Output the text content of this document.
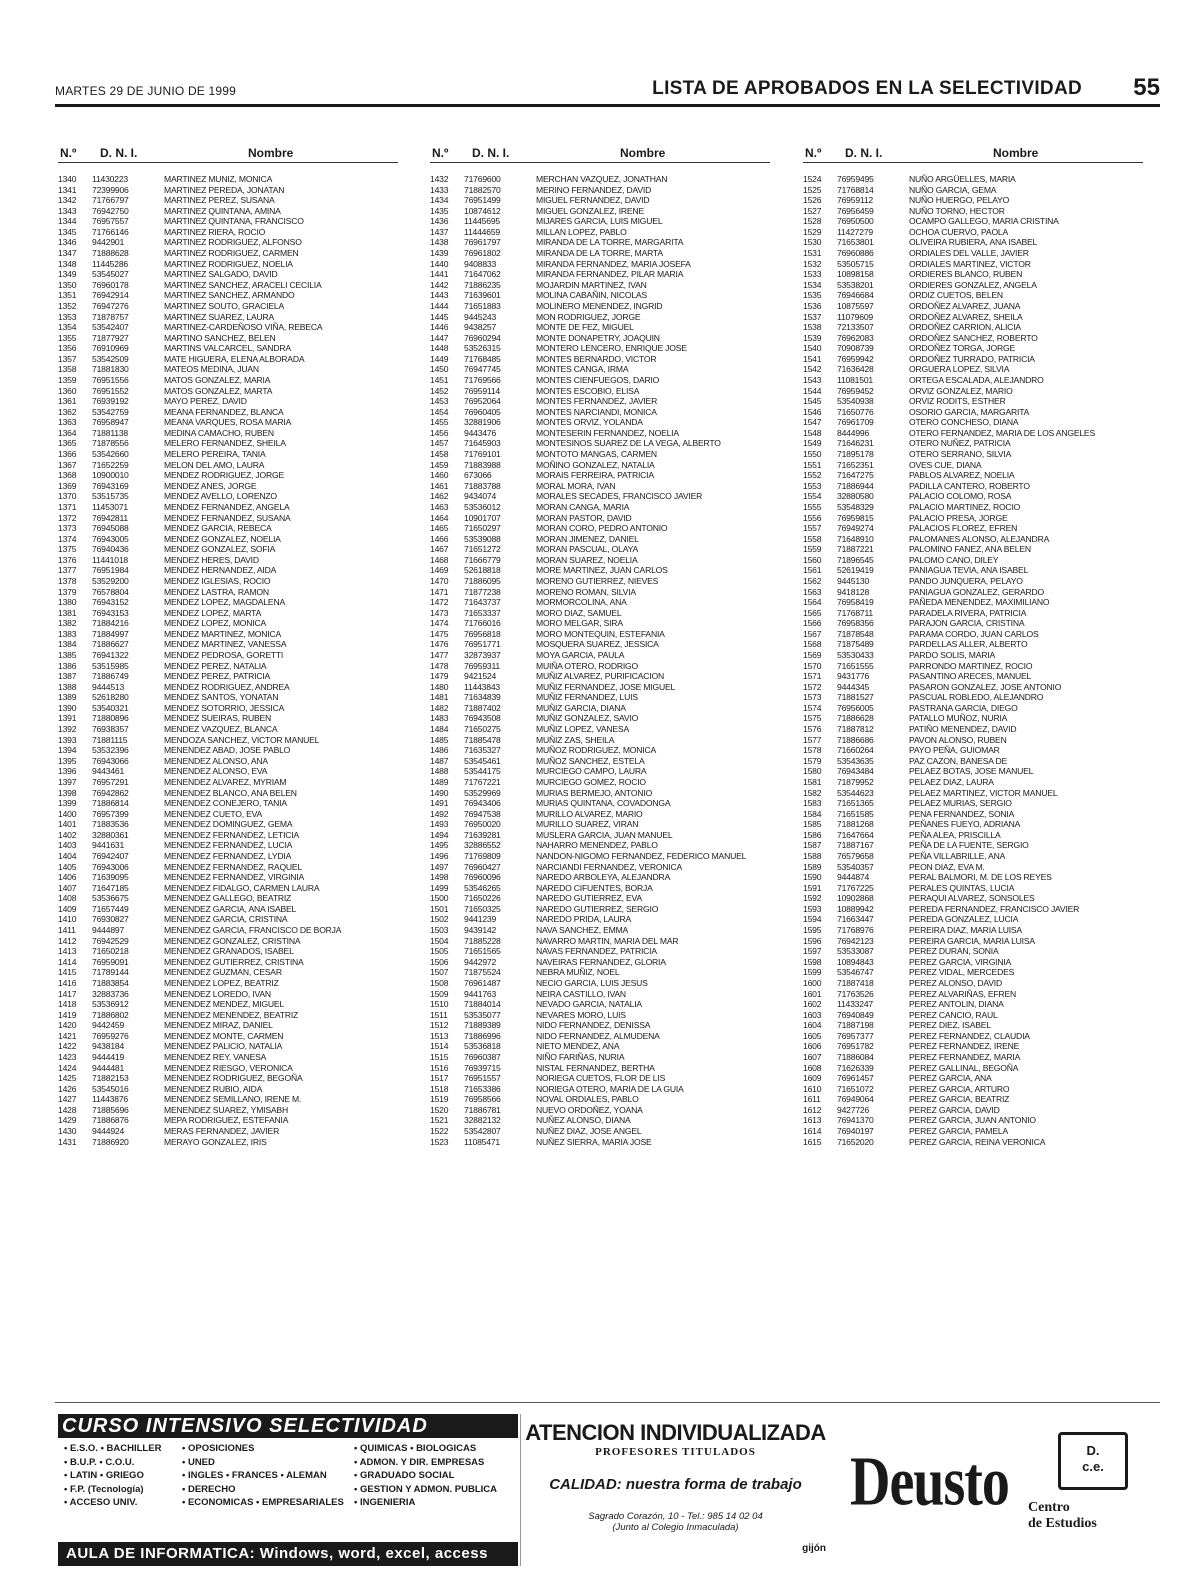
MARTES 29 DE JUNIO DE 1999	LISTA DE APROBADOS EN LA SELECTIVIDAD 55
N.º D. N. I.	Nombre
1340	11430223	MARTINEZ MUNIZ, MONICA
1341	72399906	MARTINEZ PEREDA, JONATAN
1342	71766797	MARTINEZ PEREZ, SUSANA
1343	76942750	MARTINEZ QUINTANA, AMINA
1344	76957557	MARTINEZ QUINTANA, FRANCISCO
1345	71766146	MARTINEZ RIERA, ROCIO
1346	9442901	MARTINEZ RODRIGUEZ, ALFONSO
1347	71888628	MARTINEZ RODRIGUEZ, CARMEN
1348	11445286	MARTINEZ RODRIGUEZ, NOELIA
1349	53545027	MARTINEZ SALGADO, DAVID
1350	76960178	MARTINEZ SANCHEZ, ARACELI CECILIA
1351	76942914	MARTINEZ SANCHEZ, ARMANDO
1352	76947276	MARTINEZ SOUTO, GRACIELA
1353	71878757	MARTINEZ SUAREZ, LAURA
1354	53542407	MARTINEZ-CARDEÑOSO VIÑA, REBECA
1355	71877927	MARTINO SANCHEZ, BELEN
1356	76910969	MARTINS VALCARCEL, SANDRA
1357	53542509	MATE HIGUERA, ELENA ALBORADA
1358	71881830	MATEOS MEDINA, JUAN
1359	76951556	MATOS GONZALEZ, MARIA
1360	76951552	MATOS GONZALEZ, MARTA
1361	76939192	MAYO PEREZ, DAVID
1362	53542759	MEANA FERNANDEZ, BLANCA
1363	76958947	MEANA VARQUES, ROSA MARIA
1364	71881138	MEDINA CAMACHO, RUBEN
1365	71878556	MELERO FERNANDEZ, SHEILA
1366	53542660	MELERO PEREIRA, TANIA
1367	71652259	MELON DEL AMO, LAURA
1368	10900010	MENDEZ RODRIGUEZ, JORGE
1369	76943169	MENDEZ ANES, JORGE
1370	53515735	MENDEZ AVELLO, LORENZO
1371	11453071	MENDEZ FERNANDEZ, ANGELA
1372	76942811	MENDEZ FERNANDEZ, SUSANA
1373	76945088	MENDEZ GARCIA, REBECA
1374	76943005	MENDEZ GONZALEZ, NOELIA
1375	76940436	MENDEZ GONZALEZ, SOFIA
1376	11441018	MENDEZ HERES, DAVID
1377	76951984	MENDEZ HERNANDEZ, AIDA
1378	53529200	MENDEZ IGLESIAS, ROCIO
1379	76578804	MENDEZ LASTRA, RAMON
1380	76943152	MENDEZ LOPEZ, MAGDALENA
1381	76943153	MENDEZ LOPEZ, MARTA
1382	71884216	MENDEZ LOPEZ, MONICA
1383	71884997	MENDEZ MARTINEZ, MONICA
1384	71886627	MENDEZ MARTINEZ, VANESSA
1385	76941322	MENDEZ PEDROSA, GORETTI
1386	53515985	MENDEZ PEREZ, NATALIA
1387	71886749	MENDEZ PEREZ, PATRICIA
1388	9444513	MENDEZ RODRIGUEZ, ANDREA
1389	52618280	MENDEZ SANTOS, YONATAN
1390	53540321	MENDEZ SOTORRIO, JESSICA
1391	71880896	MENDEZ SUEIRAS, RUBEN
1392	76938357	MENDEZ VAZQUEZ, BLANCA
1393	71881115	MENDOZA SANCHEZ, VICTOR MANUEL
1394	53532396	MENENDEZ ABAD, JOSE PABLO
1395	76943066	MENENDEZ ALONSO, ANA
1396	9443461	MENENDEZ ALONSO, EVA
1397	76957291	MENENDEZ ALVAREZ, MYRIAM
1398	76942862	MENENDEZ BLANCO, ANA BELEN
1399	71886814	MENENDEZ CONEJERO, TANIA
1400	76957399	MENENDEZ CUETO, EVA
1401	71883536	MENENDEZ DOMINGUEZ, GEMA
1402	32880361	MENENDEZ FERNANDEZ, LETICIA
1403	9441631	MENENDEZ FERNANDEZ, LUCIA
1404	76942407	MENENDEZ FERNANDEZ, LYDIA
1405	76943006	MENENDEZ FERNANDEZ, RAQUEL
1406	71639095	MENENDEZ FERNANDEZ, VIRGINIA
1407	71647185	MENENDEZ FIDALGO, CARMEN LAURA
1408	53536675	MENENDEZ GALLEGO, BEATRIZ
1409	71657449	MENENDEZ GARCIA, ANA ISABEL
1410	76930827	MENENDEZ GARCIA, CRISTINA
1411	9444897	MENENDEZ GARCIA, FRANCISCO DE BORJA
1412	76942529	MENENDEZ GONZALEZ, CRISTINA
1413	71650218	MENENDEZ GRANADOS, ISABEL
1414	76959091	MENENDEZ GUTIERREZ, CRISTINA
1415	71789144	MENENDEZ GUZMAN, CESAR
1416	71883854	MENENDEZ LOPEZ, BEATRIZ
1417	32883736	MENENDEZ LOREDO, IVAN
1418	53536912	MENENDEZ MENDEZ, MIGUEL
1419	71886802	MENENDEZ MENENDEZ, BEATRIZ
1420	9442459	MENENDEZ MIRAZ, DANIEL
1421	76959276	MENENDEZ MONTE, CARMEN
1422	9438184	MENENDEZ PALICIO, NATALIA
1423	9444419	MENENDEZ REY, VANESA
1424	9444481	MENENDEZ RIESGO, VERONICA
1425	71882153	MENENDEZ RODRIGUEZ, BEGOÑA
1426	53545016	MENENDEZ RUBIO, AIDA
1427	11443876	MENENDEZ SEMILLANO, IRENE M.
1428	71885696	MENENDEZ SUAREZ, YMISABH
1429	71886876	MEPA RODRIGUEZ, ESTEFANIA
1430	9444924	MERAS FERNANDEZ, JAVIER
1431	71886920	MERAYO GONZALEZ, IRIS
N.º D. N. I.	Nombre
1432	71769600	MERCHAN VAZQUEZ, JONATHAN
1433	71882570	MERINO FERNANDEZ, DAVID
1434	76951499	MIGUEL FERNANDEZ, DAVID
1435	10874612	MIGUEL GONZALEZ, IRENE
1436	11445695	MIJARES GARCIA, LUIS MIGUEL
1437	11444659	MILLAN LOPEZ, PABLO
1438	76961797	MIRANDA DE LA TORRE, MARGARITA
1439	76961802	MIRANDA DE LA TORRE, MARTA
1440	9408833	MIRANDA FERNANDEZ, MARIA JOSEFA
1441	71647062	MIRANDA FERNANDEZ, PILAR MARIA
1442	71886235	MOJARDIN MARTINEZ, IVAN
1443	71639601	MOLINA CABAÑIN, NICOLAS
1444	71651883	MOLINERO MENENDEZ, INGRID
1445	9445243	MON RODRIGUEZ, JORGE
1446	9438257	MONTE DE FEZ, MIGUEL
1447	76960294	MONTE DONAPETRY, JOAQUIN
1448	53526315	MONTERO LENCERO, ENRIQUE JOSE
1449	71768485	MONTES BERNARDO, VICTOR
1450	76947745	MONTES CANGA, IRMA
1451	71769566	MONTES CIENFUEGOS, DARIO
1452	76959114	MONTES ESCOBIO, ELISA
1453	76952064	MONTES FERNANDEZ, JAVIER
1454	76960405	MONTES NARCIANDI, MONICA
1455	32881906	MONTES ORVIZ, YOLANDA
1456	9443476	MONTESERIN FERNANDEZ, NOELIA
1457	71645903	MONTESINOS SUAREZ DE LA VEGA, ALBERTO
1458	71769101	MONTOTO MANGAS, CARMEN
1459	71883988	MOÑINO GONZALEZ, NATALIA
1460	673066	MORAIS FERREIRA, PATRICIA
1461	71883788	MORAL MORA, IVAN
1462	9434074	MORALES SECADES, FRANCISCO JAVIER
1463	53536012	MORAN CANGA, MARIA
1464	10901707	MORAN PASTOR, DAVID
1465	71650297	MORAN CORO, PEDRO ANTONIO
1466	53539088	MORAN JIMENEZ, DANIEL
1467	71651272	MORAN PASCUAL, OLAYA
1468	71666779	MORAN SUAREZ, NOELIA
1469	52618818	MORE MARTINEZ, JUAN CARLOS
1470	71886095	MORENO GUTIERREZ, NIEVES
1471	71877238	MORENO ROMAN, SILVIA
1472	71643737	MORMORCOLINA, ANA
1473	71653337	MORO DIAZ, SAMUEL
1474	71766016	MORO MELGAR, SIRA
1475	76956818	MORO MONTEQUIN, ESTEFANIA
1476	76951771	MOSQUERA SUAREZ, JESSICA
1477	32873937	MOYA GARCIA, PAULA
1478	76959311	MUIÑA OTERO, RODRIGO
1479	9421524	MUÑIZ ALVAREZ, PURIFICACION
1480	11443843	MUÑIZ FERNANDEZ, JOSE MIGUEL
1481	71634839	MUÑIZ FERNANDEZ, LUIS
1482	71887402	MUÑIZ GARCIA, DIANA
1483	76943508	MUÑIZ GONZALEZ, SAVIO
1484	71650275	MUÑIZ LOPEZ, VANESA
1485	71885478	MUÑIZ ZAS, SHEILA
1486	71635327	MUÑOZ RODRIGUEZ, MONICA
1487	53545461	MUÑOZ SANCHEZ, ESTELA
1488	53544175	MURCIEGO CAMPO, LAURA
1489	71767221	MURCIEGO GOMEZ, ROCIO
1490	53529969	MURIAS BERMEJO, ANTONIO
1491	76943406	MURIAS QUINTANA, COVADONGA
1492	76947538	MURILLO ALVAREZ, MARIO
1493	76950020	MURILLO SUAREZ, VIRAN
1494	71639281	MUSLERA GARCIA, JUAN MANUEL
1495	32886552	NAHARRO MENENDEZ, PABLO
1496	71769809	NANDON-NIGOMO FERNANDEZ, FEDERICO MANUEL
1497	76960427	NARCIANDI FERNANDEZ, VERONICA
1498	76960096	NAREDO ARBOLEYA, ALEJANDRA
1499	53546265	NAREDO CIFUENTES, BORJA
1500	71650226	NAREDO GUTIERREZ, EVA
1501	71650325	NAREDO GUTIERREZ, SERGIO
1502	9441239	NAREDO PRIDA, LAURA
1503	9439142	NAVA SANCHEZ, EMMA
1504	71885228	NAVARRO MARTIN, MARIA DEL MAR
1505	71651565	NAVAS FERNANDEZ, PATRICIA
1506	9442972	NAVEIRAS FERNANDEZ, GLORIA
1507	71875524	NEBRA MUÑIZ, NOEL
1508	76961487	NECIO GARCIA, LUIS JESUS
1509	9441763	NEIRA CASTILLO, IVAN
1510	71884014	NEVADO GARCIA, NATALIA
1511	53535077	NEVARES MORO, LUIS
1512	71889389	NIDO FERNANDEZ, DENISSA
1513	71886996	NIDO FERNANDEZ, ALMUDENA
1514	53536818	NIETO MENDEZ, ANA
1515	76960387	NIÑO FARIÑAS, NURIA
1516	76939715	NISTAL FERNANDEZ, BERTHA
1517	76951557	NORIEGA CUETOS, FLOR DE LIS
1518	71653386	NORIEGA OTERO, MARIA DE LA GUIA
1519	76958566	NOVAL ORDIALES, PABLO
1520	71886781	NUEVO ORDOÑEZ, YOANA
1521	32882132	NUÑEZ ALONSO, DIANA
1522	53542807	NUÑEZ DIAZ, JOSE ANGEL
1523	11085471	NUÑEZ SIERRA, MARIA JOSE
N.º D. N. I.	Nombre
1524	76959495	NUÑO ARGÜELLES, MARIA
1525	71768814	NUÑO GARCIA, GEMA
1526	76959112	NUÑO HUERGO, PELAYO
1527	76956459	NUÑO TORNO, HECTOR
1528	76950500	OCAMPO GALLEGO, MARIA CRISTINA
1529	11427279	OCHOA CUERVO, PAOLA
1530	71653801	OLIVEIRA RUBIERA, ANA ISABEL
1531	76960886	ORDIALES DEL VALLE, JAVIER
1532	53505715	ORDIALES MARTINEZ, VICTOR
1533	10898158	ORDIERES BLANCO, RUBEN
1534	53538201	ORDIERES GONZALEZ, ANGELA
1535	76946684	ORDIZ CUETOS, BELEN
1536	10875597	ORDOÑEZ ALVAREZ, JUANA
1537	11079609	ORDOÑEZ ALVAREZ, SHEILA
1538	72133507	ORDOÑEZ CARRION, ALICIA
1539	76962083	ORDOÑEZ SANCHEZ, ROBERTO
1540	70908739	ORDOÑEZ TORGA, JORGE
1541	76959942	ORDOÑEZ TURRADO, PATRICIA
1542	71636428	ORGUERA LOPEZ, SILVIA
1543	11081501	ORTEGA ESCALADA, ALEJANDRO
1544	76959452	ORVIZ GONZALEZ, MARIO
1545	53540938	ORVIZ RODITS, ESTHER
1546	71650776	OSORIO GARCIA, MARGARITA
1547	76961709	OTERO CONCHESO, DIANA
1548	8444996	OTERO FERNANDEZ, MARIA DE LOS ANGELES
1549	71646231	OTERO NUÑEZ, PATRICIA
1550	71895178	OTERO SERRANO, SILVIA
1551	71652351	OVES CUE, DIANA
1552	71647275	PABLOS ALVAREZ, NOELIA
1553	71886944	PADILLA CANTERO, ROBERTO
1554	32880580	PALACIO COLOMO, ROSA
1555	53548329	PALACIO MARTINEZ, ROCIO
1556	76959815	PALACIO PRESA, JORGE
1557	76949274	PALACIOS FLOREZ, EFREN
1558	71648910	PALOMANES ALONSO, ALEJANDRA
1559	71887221	PALOMINO FANEZ, ANA BELEN
1560	71896545	PALOMO CANO, DILEY
1561	52619419	PANIAGUA TEVIA, ANA ISABEL
1562	9445130	PANDO JUNQUERA, PELAYO
1563	9418128	PANIAGUA GONZALEZ, GERARDO
1564	76958419	PAÑEDA MENENDEZ, MAXIMILIANO
1565	71768711	PARADELA RIVERA, PATRICIA
1566	76958356	PARAJON GARCIA, CRISTINA
1567	71878548	PARAMA CORDO, JUAN CARLOS
1568	71875489	PARDELLAS ALLER, ALBERTO
1569	53530433	PARDO SOLIS, MARIA
1570	71651555	PARRONDO MARTINEZ, ROCIO
1571	9431776	PASANTINO ARECES, MANUEL
1572	9444345	PASARON GONZALEZ, JOSE ANTONIO
1573	71881527	PASCUAL ROBLEDO, ALEJANDRO
1574	76956005	PASTRANA GARCIA, DIEGO
1575	71886628	PATALLO MUÑOZ, NURIA
1576	71887812	PATIÑO MENENDEZ, DAVID
1577	71886686	PAVON ALONSO, RUBEN
1578	71660264	PAYO PEÑA, GUIOMAR
1579	53543635	PAZ CAZON, BANESA DE
1580	76943484	PELAEZ BOTAS, JOSE MANUEL
1581	71879952	PELAEZ DIAZ, LAURA
1582	53544623	PELAEZ MARTINEZ, VICTOR MANUEL
1583	71651365	PELAEZ MURIAS, SERGIO
1584	71651585	PENA FERNANDEZ, SONIA
1585	71881268	PEÑANES FUEYO, ADRIANA
1586	71647664	PEÑA ALEA, PRISCILLA
1587	71887167	PEÑA DE LA FUENTE, SERGIO
1588	76579658	PEÑA VILLABRILLE, ANA
1589	53540357	PEON DIAZ, EVA M.
1590	9444874	PERAL BALMORI, M. DE LOS REYES
1591	71767225	PERALES QUINTAS, LUCIA
1592	10902868	PERAQUI ALVAREZ, SONSOLES
1593	10889942	PEREDA FERNANDEZ, FRANCISCO JAVIER
1594	71663447	PEREDA GONZALEZ, LUCIA
1595	71768976	PEREIRA DIAZ, MARIA LUISA
1596	76942123	PEREIRA GARCIA, MARIA LUISA
1597	53533087	PEREZ DURAN, SONIA
1598	10894843	PEREZ GARCIA, VIRGINIA
1599	53546747	PEREZ VIDAL, MERCEDES
1600	71887418	PEREZ ALONSO, DAVID
1601	71763526	PEREZ ALVARIÑAS, EFREN
1602	11433247	PEREZ ANTOLIN, DIANA
1603	76940849	PEREZ CANCIO, RAUL
1604	71887198	PEREZ DIEZ, ISABEL
1605	76957377	PEREZ FERNANDEZ, CLAUDIA
1606	76951782	PEREZ FERNANDEZ, IRENE
1607	71886084	PEREZ FERNANDEZ, MARIA
1608	71626339	PEREZ GALLINAL, BEGOÑA
1609	76961457	PEREZ GARCIA, ANA
1610	71651072	PEREZ GARCIA, ARTURO
1611	76949064	PEREZ GARCIA, BEATRIZ
1612	9427726	PEREZ GARCIA, DAVID
1613	76941370	PEREZ GARCIA, JUAN ANTONIO
1614	76940197	PEREZ GARCIA, PAMELA
1615	71652020	PEREZ GARCIA, REINA VERONICA
CURSO INTENSIVO SELECTIVIDAD
• E.S.O. • BACHILLER
• B.U.P. • C.O.U.
• LATIN • GRIEGO
• F.P. (Tecnología)
• ACCESO UNIV.
• OPOSICIONES
• UNED
• INGLES • FRANCES • ALEMAN
• DERECHO
• ECONOMICAS • EMPRESARIALES
• QUIMICAS • BIOLOGICAS
• ADMON. Y DIR. EMPRESAS
• GRADUADO SOCIAL
• GESTION Y ADMON. PUBLICA
• INGENIERIA
AULA DE INFORMATICA: Windows, word, excel, access
ATENCION INDIVIDUALIZADA
PROFESORES TITULADOS
CALIDAD: nuestra forma de trabajo
Sagrado Corazón, 10 - Tel.: 985 14 02 04
(Junto al Colegio Inmaculada)
gijón
Deusto	D.
c.e.
Centro
de Estudios
